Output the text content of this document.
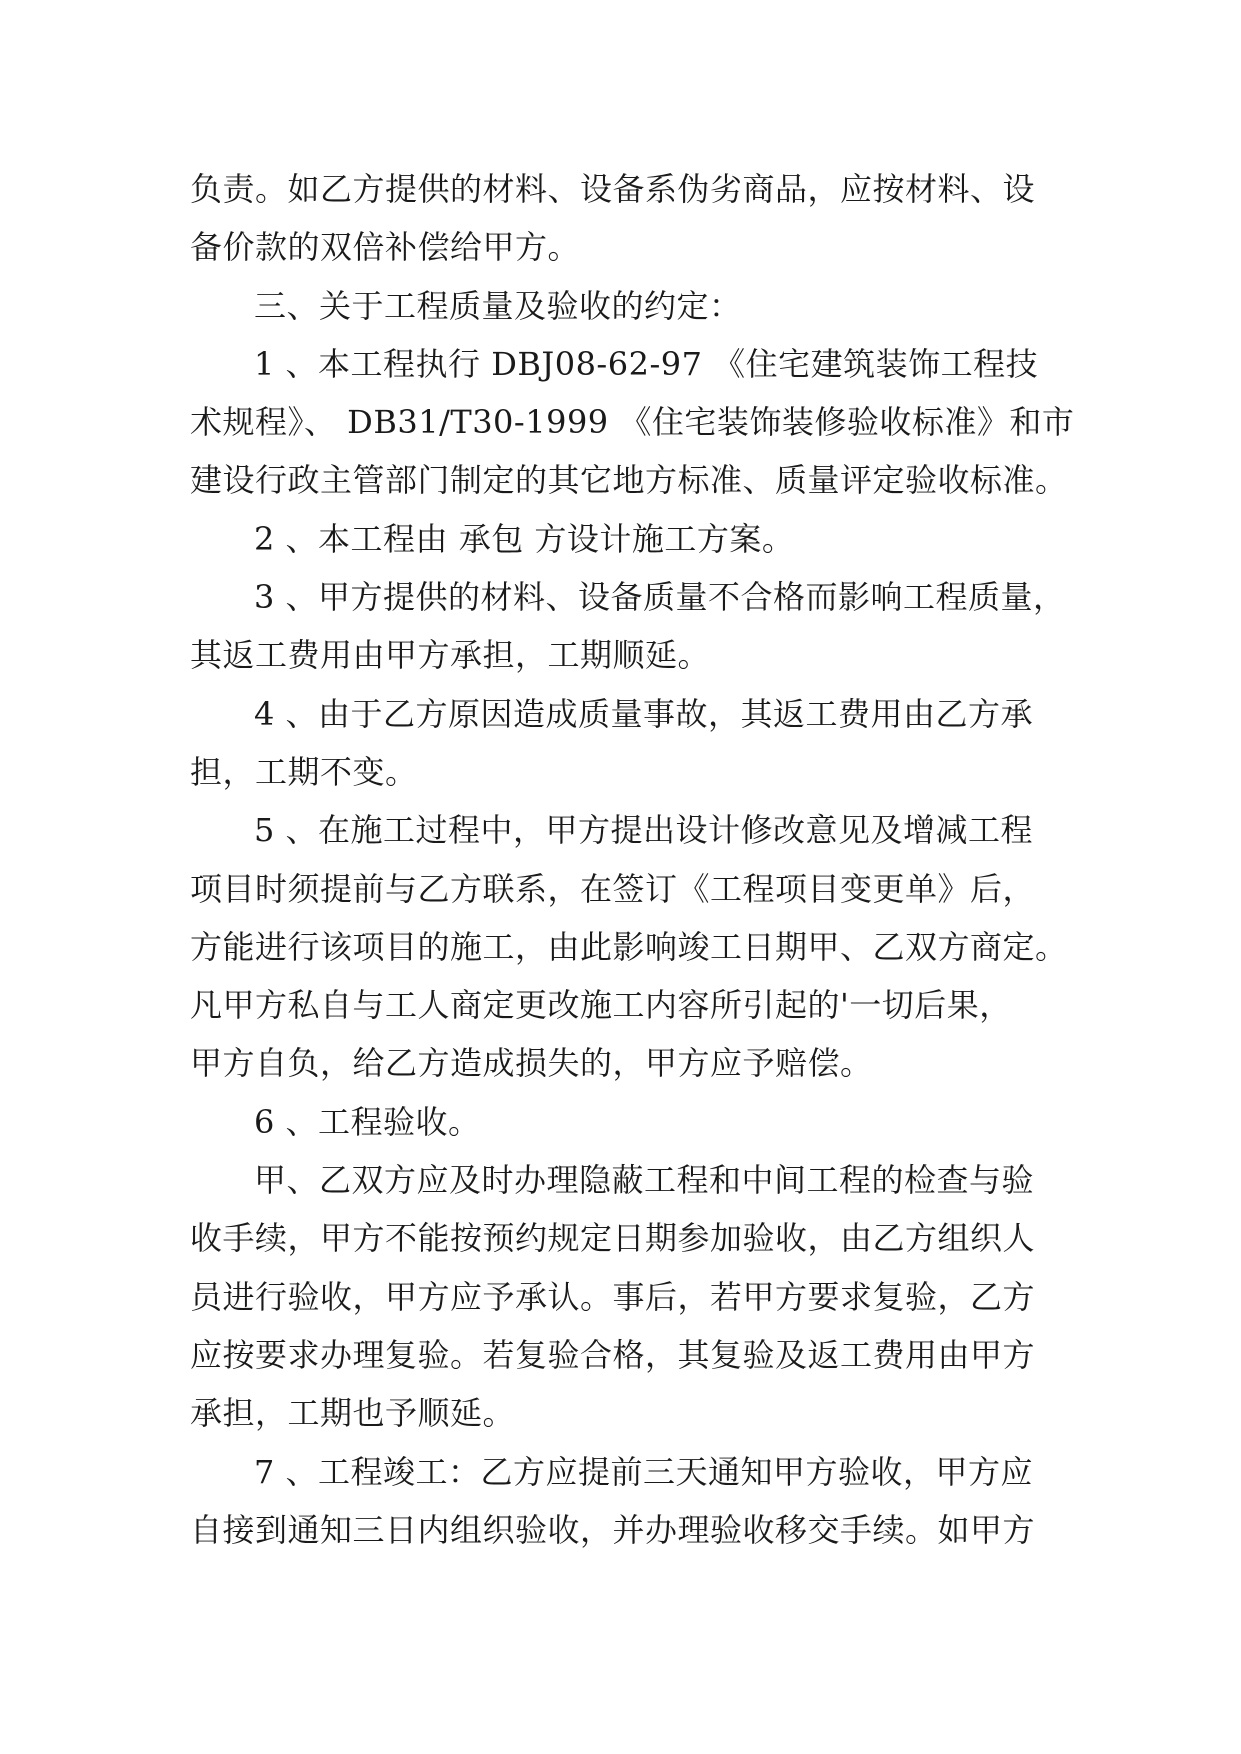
负责。如乙方提供的材料、设备系伪劣商品，应按材料、设
备价款的双倍补偿给甲方。
三、关于工程质量及验收的约定：
1 、本工程执行 DBJ08-62-97 《住宅建筑装饰工程技
术规程》、 DB31/T30-1999 《住宅装饰装修验收标准》和市
建设行政主管部门制定的其它地方标准、质量评定验收标准。
2 、本工程由 承包 方设计施工方案。
3 、甲方提供的材料、设备质量不合格而影响工程质量，
其返工费用由甲方承担，工期顺延。
4 、由于乙方原因造成质量事故，其返工费用由乙方承
担，工期不变。
5 、在施工过程中，甲方提出设计修改意见及增减工程
项目时须提前与乙方联系，在签订《工程项目变更单》后，
方能进行该项目的施工，由此影响竣工日期甲、乙双方商定。
凡甲方私自与工人商定更改施工内容所引起的'一切后果，
甲方自负，给乙方造成损失的，甲方应予赔偿。
6 、工程验收。
甲、乙双方应及时办理隐蔽工程和中间工程的检查与验
收手续，甲方不能按预约规定日期参加验收，由乙方组织人
员进行验收，甲方应予承认。事后，若甲方要求复验，乙方
应按要求办理复验。若复验合格，其复验及返工费用由甲方
承担，工期也予顺延。
7 、工程竣工：乙方应提前三天通知甲方验收，甲方应
自接到通知三日内组织验收，并办理验收移交手续。如甲方
